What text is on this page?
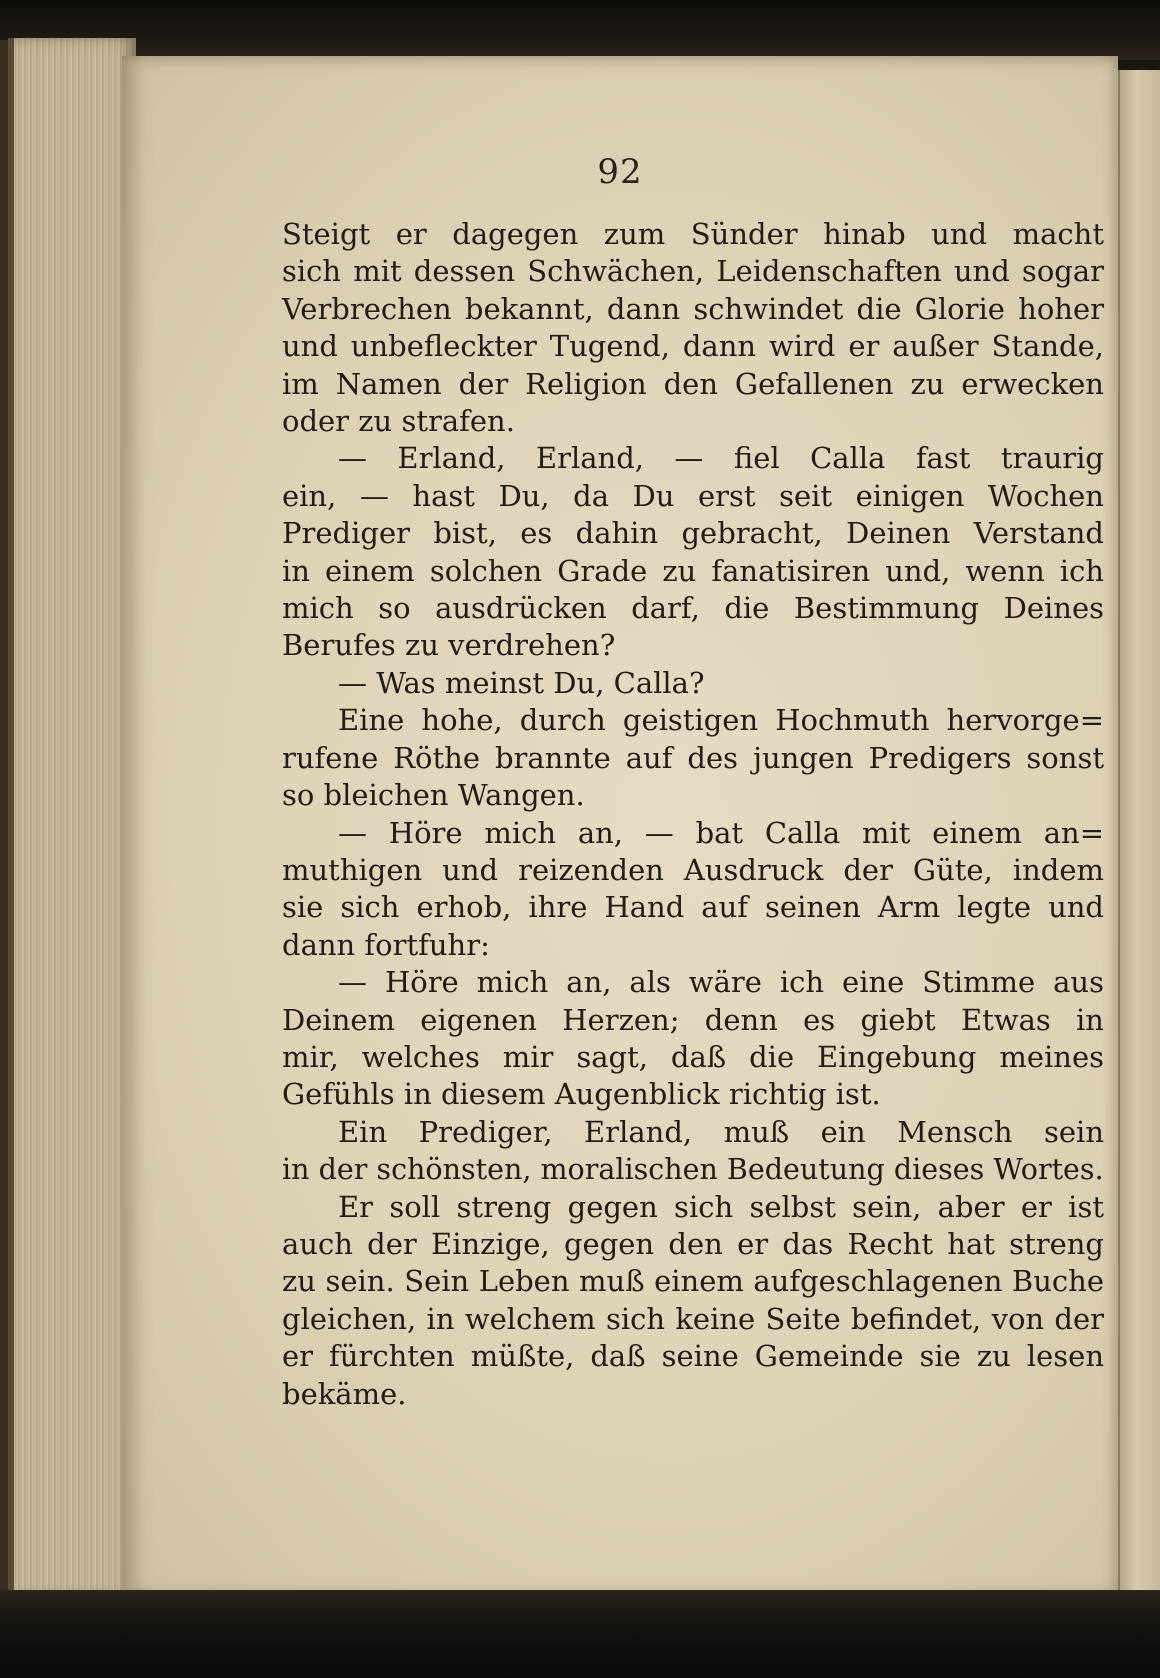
92
Steigt er dagegen zum Sünder hinab und macht
sich mit dessen Schwächen, Leidenschaften und sogar
Verbrechen bekannt, dann schwindet die Glorie hoher
und unbefleckter Tugend, dann wird er außer Stande,
im Namen der Religion den Gefallenen zu erwecken
oder zu strafen.
— Erland, Erland, — fiel Calla fast traurig
ein, — hast Du, da Du erst seit einigen Wochen
Prediger bist, es dahin gebracht, Deinen Verstand
in einem solchen Grade zu fanatisiren und, wenn ich
mich so ausdrücken darf, die Bestimmung Deines
Berufes zu verdrehen?
— Was meinst Du, Calla?
Eine hohe, durch geistigen Hochmuth hervorge=
rufene Röthe brannte auf des jungen Predigers sonst
so bleichen Wangen.
— Höre mich an, — bat Calla mit einem an=
muthigen und reizenden Ausdruck der Güte, indem
sie sich erhob, ihre Hand auf seinen Arm legte und
dann fortfuhr:
— Höre mich an, als wäre ich eine Stimme aus
Deinem eigenen Herzen; denn es giebt Etwas in
mir, welches mir sagt, daß die Eingebung meines
Gefühls in diesem Augenblick richtig ist.
Ein Prediger, Erland, muß ein Mensch sein
in der schönsten, moralischen Bedeutung dieses Wortes.
Er soll streng gegen sich selbst sein, aber er ist
auch der Einzige, gegen den er das Recht hat streng
zu sein. Sein Leben muß einem aufgeschlagenen Buche
gleichen, in welchem sich keine Seite befindet, von der
er fürchten müßte, daß seine Gemeinde sie zu lesen
bekäme.
